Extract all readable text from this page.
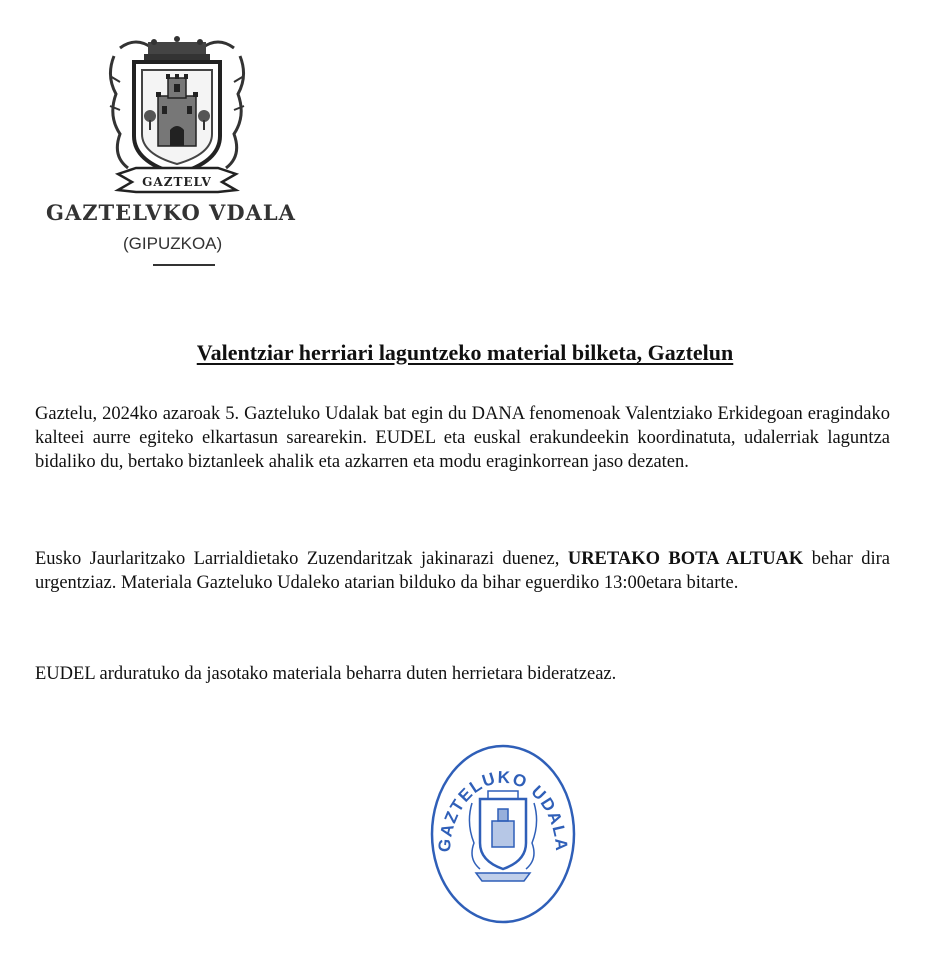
GAZTELV
GAZTELVKO VDALA
(GIPUZKOA)
Valentziar herriari laguntzeko material bilketa, Gaztelun

Gaztelu, 2024ko azaroak 5. Gazteluko Udalak bat egin du DANA fenomenoak Valentziako Erkidegoan eragindako kalteei aurre egiteko elkartasun sarearekin. EUDEL eta euskal erakundeekin koordinatuta, udalerriak laguntza bidaliko du, bertako biztanleek ahalik eta azkarren eta modu eraginkorrean jaso dezaten.

Eusko Jaurlaritzako Larrialdietako Zuzendaritzak jakinarazi duenez, URETAKO BOTA ALTUAK behar dira urgentziaz. Materiala Gazteluko Udaleko atarian bilduko da bihar eguerdiko 13:00etara bitarte.

EUDEL arduratuko da jasotako materiala beharra duten herrietara bideratzeaz.

GAZTELUKO UDALA
